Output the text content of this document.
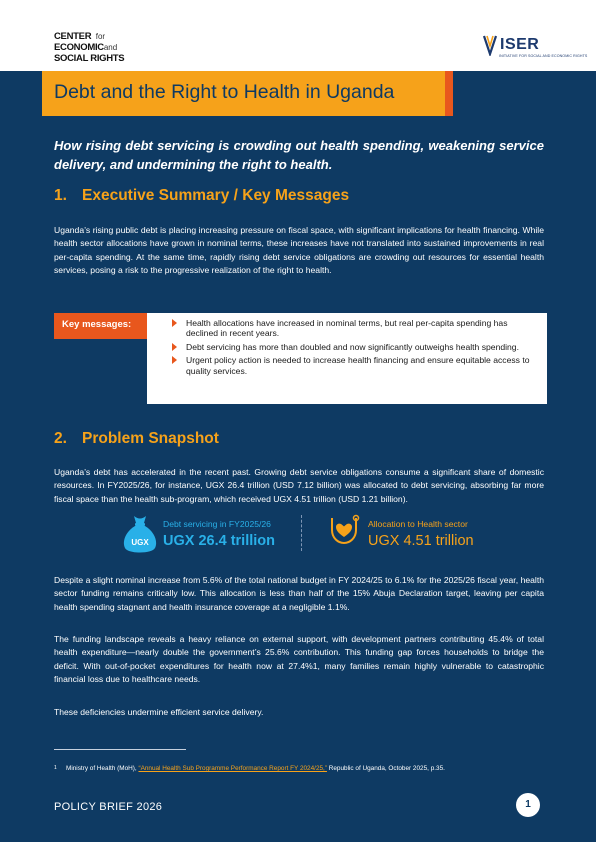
CENTER for
ECONOMICand
SOCIAL RIGHTS
ISER
INITIATIVE FOR SOCIAL AND ECONOMIC RIGHTS
Debt and the Right to Health in Uganda

How rising debt servicing is crowding out health spending, weakening service delivery, and undermining the right to health.

1. Executive Summary / Key Messages

Uganda’s rising public debt is placing increasing pressure on fiscal space, with significant implications for health financing. While health sector allocations have grown in nominal terms, these increases have not translated into sustained improvements in real per-capita spending. At the same time, rapidly rising debt service obligations are crowding out resources for essential health services, posing a risk to the progressive realization of the right to health.

Key messages:	Health allocations have increased in nominal terms, but real per-capita spending has declined in recent years.
Debt servicing has more than doubled and now significantly outweighs health spending.
Urgent policy action is needed to increase health financing and ensure equitable access to quality services.
2. Problem Snapshot

Uganda’s debt has accelerated in the recent past. Growing debt service obligations consume a significant share of domestic resources. In FY2025/26, for instance, UGX 26.4 trillion (USD 7.12 billion) was allocated to debt servicing, absorbing far more fiscal space than the health sub-program, which received UGX 4.51 trillion (USD 1.21 billion).

UGX
Debt servicing in FY2025/26
UGX 26.4 trillion
Allocation to Health sector
UGX 4.51 trillion

Despite a slight nominal increase from 5.6% of the total national budget in FY 2024/25 to 6.1% for the 2025/26 fiscal year, health sector funding remains critically low. This allocation is less than half of the 15% Abuja Declaration target, leaving per capita health spending stagnant and health insurance coverage at a negligible 1.1%.

The funding landscape reveals a heavy reliance on external support, with development partners contributing 45.4% of total health expenditure—nearly double the government’s 25.6% contribution. This funding gap forces households to bridge the deficit. With out-of-pocket expenditures for health now at 27.4%1, many families remain highly vulnerable to catastrophic financial loss due to healthcare needs.

These deficiencies undermine efficient service delivery.

1 Ministry of Health (MoH), “Annual Health Sub Programme Performance Report FY 2024/25,” Republic of Uganda, October 2025, p.35.
POLICY BRIEF 2026	1
